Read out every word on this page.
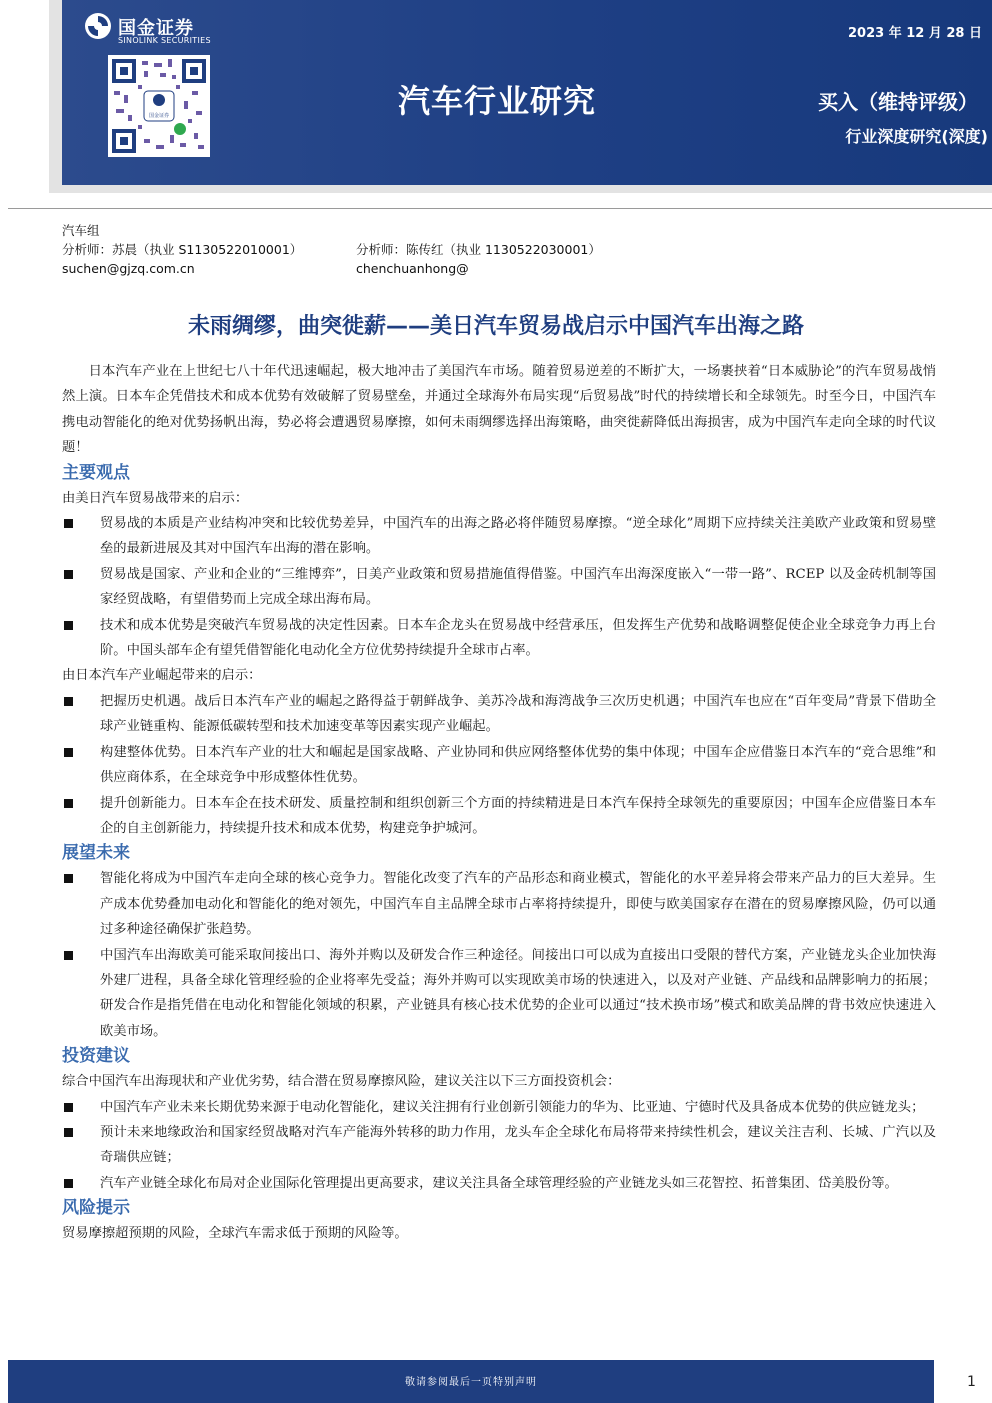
国金证券
SINOLINK SECURITIES
国金证券
2023 年 12 月 28 日
汽车行业研究	买入（维持评级）
行业深度研究(深度)
汽车组
分析师：苏晨（执业 S1130522010001）	分析师：陈传红（执业 1130522030001）
suchen@gjzq.com.cn	chenchuanhong@
未雨绸缪，曲突徙薪——美日汽车贸易战启示中国汽车出海之路

日本汽车产业在上世纪七八十年代迅速崛起，极大地冲击了美国汽车市场。随着贸易逆差的不断扩大，一场裹挟着“日本威胁论”的汽车贸易战悄然上演。日本车企凭借技术和成本优势有效破解了贸易壁垒，并通过全球海外布局实现“后贸易战”时代的持续增长和全球领先。时至今日，中国汽车携电动智能化的绝对优势扬帆出海，势必将会遭遇贸易摩擦，如何未雨绸缪选择出海策略，曲突徙薪降低出海损害，成为中国汽车走向全球的时代议题！

主要观点

由美日汽车贸易战带来的启示：

贸易战的本质是产业结构冲突和比较优势差异，中国汽车的出海之路必将伴随贸易摩擦。“逆全球化”周期下应持续关注美欧产业政策和贸易壁垒的最新进展及其对中国汽车出海的潜在影响。
贸易战是国家、产业和企业的“三维博弈”，日美产业政策和贸易措施值得借鉴。中国汽车出海深度嵌入“一带一路”、RCEP 以及金砖机制等国家经贸战略，有望借势而上完成全球出海布局。
技术和成本优势是突破汽车贸易战的决定性因素。日本车企龙头在贸易战中经营承压，但发挥生产优势和战略调整促使企业全球竞争力再上台阶。中国头部车企有望凭借智能化电动化全方位优势持续提升全球市占率。

由日本汽车产业崛起带来的启示：

把握历史机遇。战后日本汽车产业的崛起之路得益于朝鲜战争、美苏冷战和海湾战争三次历史机遇；中国汽车也应在“百年变局”背景下借助全球产业链重构、能源低碳转型和技术加速变革等因素实现产业崛起。
构建整体优势。日本汽车产业的壮大和崛起是国家战略、产业协同和供应网络整体优势的集中体现；中国车企应借鉴日本汽车的“竞合思维”和供应商体系，在全球竞争中形成整体性优势。
提升创新能力。日本车企在技术研发、质量控制和组织创新三个方面的持续精进是日本汽车保持全球领先的重要原因；中国车企应借鉴日本车企的自主创新能力，持续提升技术和成本优势，构建竞争护城河。
展望未来
智能化将成为中国汽车走向全球的核心竞争力。智能化改变了汽车的产品形态和商业模式，智能化的水平差异将会带来产品力的巨大差异。生产成本优势叠加电动化和智能化的绝对领先，中国汽车自主品牌全球市占率将持续提升，即使与欧美国家存在潜在的贸易摩擦风险，仍可以通过多种途径确保扩张趋势。
中国汽车出海欧美可能采取间接出口、海外并购以及研发合作三种途径。间接出口可以成为直接出口受限的替代方案，产业链龙头企业加快海外建厂进程，具备全球化管理经验的企业将率先受益；海外并购可以实现欧美市场的快速进入，以及对产业链、产品线和品牌影响力的拓展；研发合作是指凭借在电动化和智能化领域的积累，产业链具有核心技术优势的企业可以通过“技术换市场”模式和欧美品牌的背书效应快速进入欧美市场。
投资建议

综合中国汽车出海现状和产业优劣势，结合潜在贸易摩擦风险，建议关注以下三方面投资机会：

中国汽车产业未来长期优势来源于电动化智能化，建议关注拥有行业创新引领能力的华为、比亚迪、宁德时代及具备成本优势的供应链龙头；
预计未来地缘政治和国家经贸战略对汽车产能海外转移的助力作用，龙头车企全球化布局将带来持续性机会，建议关注吉利、长城、广汽以及奇瑞供应链；
汽车产业链全球化布局对企业国际化管理提出更高要求，建议关注具备全球管理经验的产业链龙头如三花智控、拓普集团、岱美股份等。
风险提示

贸易摩擦超预期的风险，全球汽车需求低于预期的风险等。

敬请参阅最后一页特别声明	1
